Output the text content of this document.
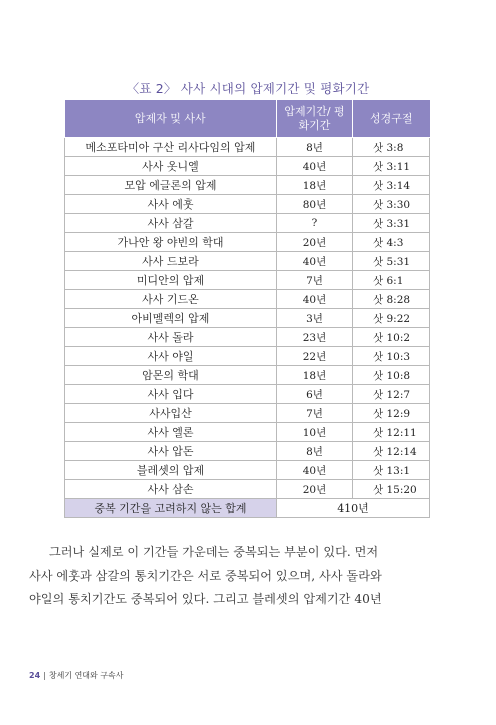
〈표 2〉 사사 시대의 압제기간 및 평화기간
압제자 및 사사	압제기간/ 평화기간	성경구절
메소포타미아 구산 리사다임의 압제	8년	삿 3:8
사사 옷니엘	40년	삿 3:11
모압 에글론의 압제	18년	삿 3:14
사사 에훗	80년	삿 3:30
사사 삼갈	?	삿 3:31
가나안 왕 야빈의 학대	20년	삿 4:3
사사 드보라	40년	삿 5:31
미디안의 압제	7년	삿 6:1
사사 기드온	40년	삿 8:28
아비멜렉의 압제	3년	삿 9:22
사사 돌라	23년	삿 10:2
사사 야일	22년	삿 10:3
암몬의 학대	18년	삿 10:8
사사 입다	6년	삿 12:7
사사입산	7년	삿 12:9
사사 엘론	10년	삿 12:11
사사 압돈	8년	삿 12:14
블레셋의 압제	40년	삿 13:1
사사 삼손	20년	삿 15:20
중복 기간을 고려하지 않는 합계	410년	

그러나 실제로 이 기간들 가운데는 중복되는 부분이 있다. 먼저

사사 에훗과 삼갈의 통치기간은 서로 중복되어 있으며, 사사 돌라와

야일의 통치기간도 중복되어 있다. 그리고 블레셋의 압제기간 40년

24 | 창세기 연대와 구속사
